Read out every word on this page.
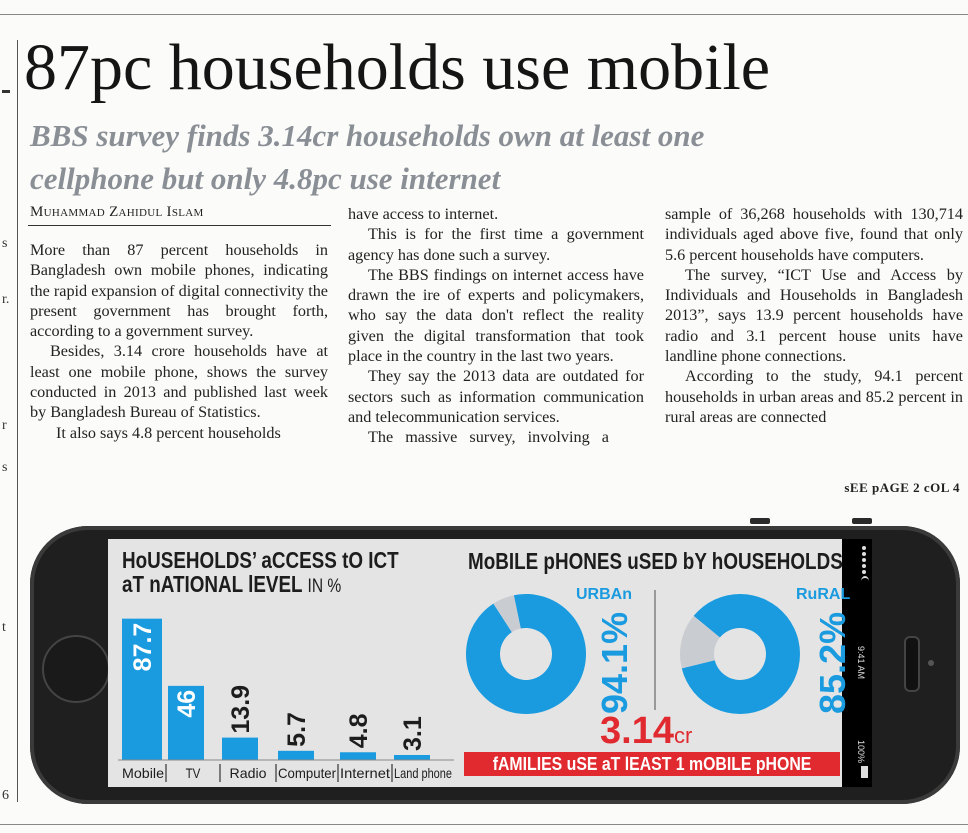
s
r.
r
s
t
6
87pc households use mobile
BBS survey finds 3.14cr households own at least one cellphone but only 4.8pc use internet
Muhammad Zahidul Islam

More than 87 percent households in Bangladesh own mobile phones, indicating the rapid expansion of digital connectivity the present government has brought forth, according to a government survey.

Besides, 3.14 crore households have at least one mobile phone, shows the survey conducted in 2013 and published last week by Bangladesh Bureau of Statistics.

It also says 4.8 percent households

have access to internet.

This is for the first time a government agency has done such a survey.

The BBS findings on internet access have drawn the ire of experts and policymakers, who say the data don't reflect the reality given the digital transformation that took place in the country in the last two years.

They say the 2013 data are outdated for sectors such as information communication and telecommunication services.

The massive survey, involving a

sample of 36,268 households with 130,714 individuals aged above five, found that only 5.6 percent households have computers.

The survey, “ICT Use and Access by Individuals and Households in Bangladesh 2013”, says 13.9 percent households have radio and 3.1 percent house units have landline phone connections.

According to the study, 94.1 percent households in urban areas and 85.2 percent in rural areas are connected

sEE pAGE 2 cOL 4
9:41 AM
100%
HoUSEHOLDS’ aCCESS tO ICT
aT nATIONAL lEVEL IN %
87.7
Mobile
46
TV
13.9
Radio
5.7
Computer
4.8
Internet
3.1
Land phone
MoBILE pHONES uSED bY hOUSEHOLDS
URBAn	RuRAL
94.1%	85.2%
3.14cr
fAMILIES uSE aT lEAST 1 mOBILE pHONE
